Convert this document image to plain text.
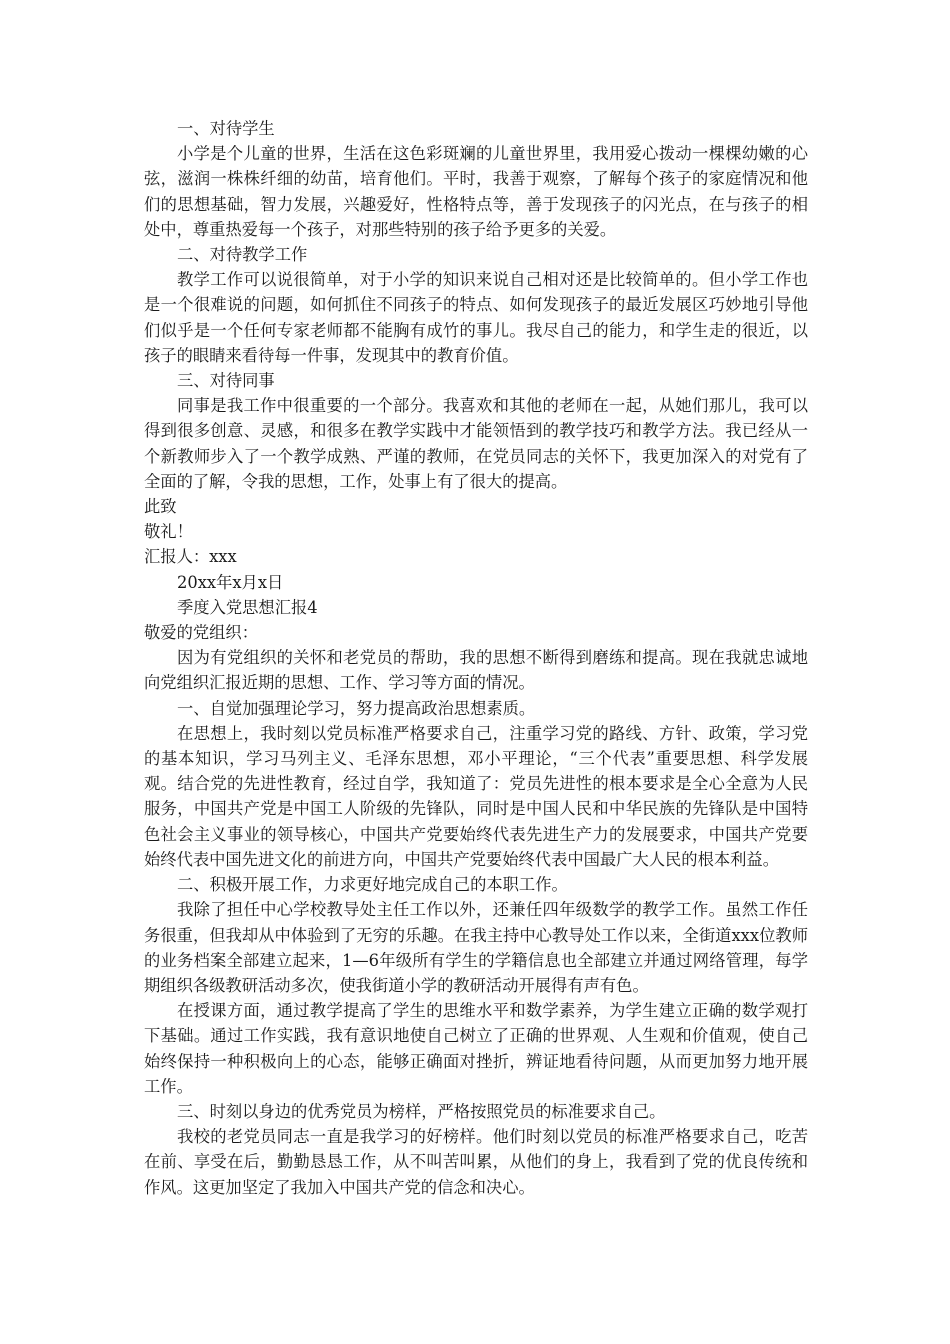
一、对待学生

小学是个儿童的世界，生活在这色彩斑斓的儿童世界里，我用爱心拨动一棵棵幼嫩的心弦，滋润一株株纤细的幼苗，培育他们。平时，我善于观察，了解每个孩子的家庭情况和他们的思想基础，智力发展，兴趣爱好，性格特点等，善于发现孩子的闪光点，在与孩子的相处中，尊重热爱每一个孩子，对那些特别的孩子给予更多的关爱。

二、对待教学工作

教学工作可以说很简单，对于小学的知识来说自己相对还是比较简单的。但小学工作也是一个很难说的问题，如何抓住不同孩子的特点、如何发现孩子的最近发展区巧妙地引导他们似乎是一个任何专家老师都不能胸有成竹的事儿。我尽自己的能力，和学生走的很近，以孩子的眼睛来看待每一件事，发现其中的教育价值。

三、对待同事

同事是我工作中很重要的一个部分。我喜欢和其他的老师在一起，从她们那儿，我可以得到很多创意、灵感，和很多在教学实践中才能领悟到的教学技巧和教学方法。我已经从一个新教师步入了一个教学成熟、严谨的教师，在党员同志的关怀下，我更加深入的对党有了全面的了解，令我的思想，工作，处事上有了很大的提高。

此致

敬礼！

汇报人：xxx

20xx年x月x日

季度入党思想汇报4

敬爱的党组织：

因为有党组织的关怀和老党员的帮助，我的思想不断得到磨练和提高。现在我就忠诚地向党组织汇报近期的思想、工作、学习等方面的情况。

一、自觉加强理论学习，努力提高政治思想素质。

在思想上，我时刻以党员标准严格要求自己，注重学习党的路线、方针、政策，学习党的基本知识，学习马列主义、毛泽东思想，邓小平理论，“三个代表”重要思想、科学发展观。结合党的先进性教育，经过自学，我知道了：党员先进性的根本要求是全心全意为人民服务，中国共产党是中国工人阶级的先锋队，同时是中国人民和中华民族的先锋队是中国特色社会主义事业的领导核心，中国共产党要始终代表先进生产力的发展要求，中国共产党要始终代表中国先进文化的前进方向，中国共产党要始终代表中国最广大人民的根本利益。

二、积极开展工作，力求更好地完成自己的本职工作。

我除了担任中心学校教导处主任工作以外，还兼任四年级数学的教学工作。虽然工作任务很重，但我却从中体验到了无穷的乐趣。在我主持中心教导处工作以来，全街道xxx位教师的业务档案全部建立起来，1—6年级所有学生的学籍信息也全部建立并通过网络管理，每学期组织各级教研活动多次，使我街道小学的教研活动开展得有声有色。

在授课方面，通过教学提高了学生的思维水平和数学素养，为学生建立正确的数学观打下基础。通过工作实践，我有意识地使自己树立了正确的世界观、人生观和价值观，使自己始终保持一种积极向上的心态，能够正确面对挫折，辨证地看待问题，从而更加努力地开展工作。

三、时刻以身边的优秀党员为榜样，严格按照党员的标准要求自己。

我校的老党员同志一直是我学习的好榜样。他们时刻以党员的标准严格要求自己，吃苦在前、享受在后，勤勤恳恳工作，从不叫苦叫累，从他们的身上，我看到了党的优良传统和作风。这更加坚定了我加入中国共产党的信念和决心。
